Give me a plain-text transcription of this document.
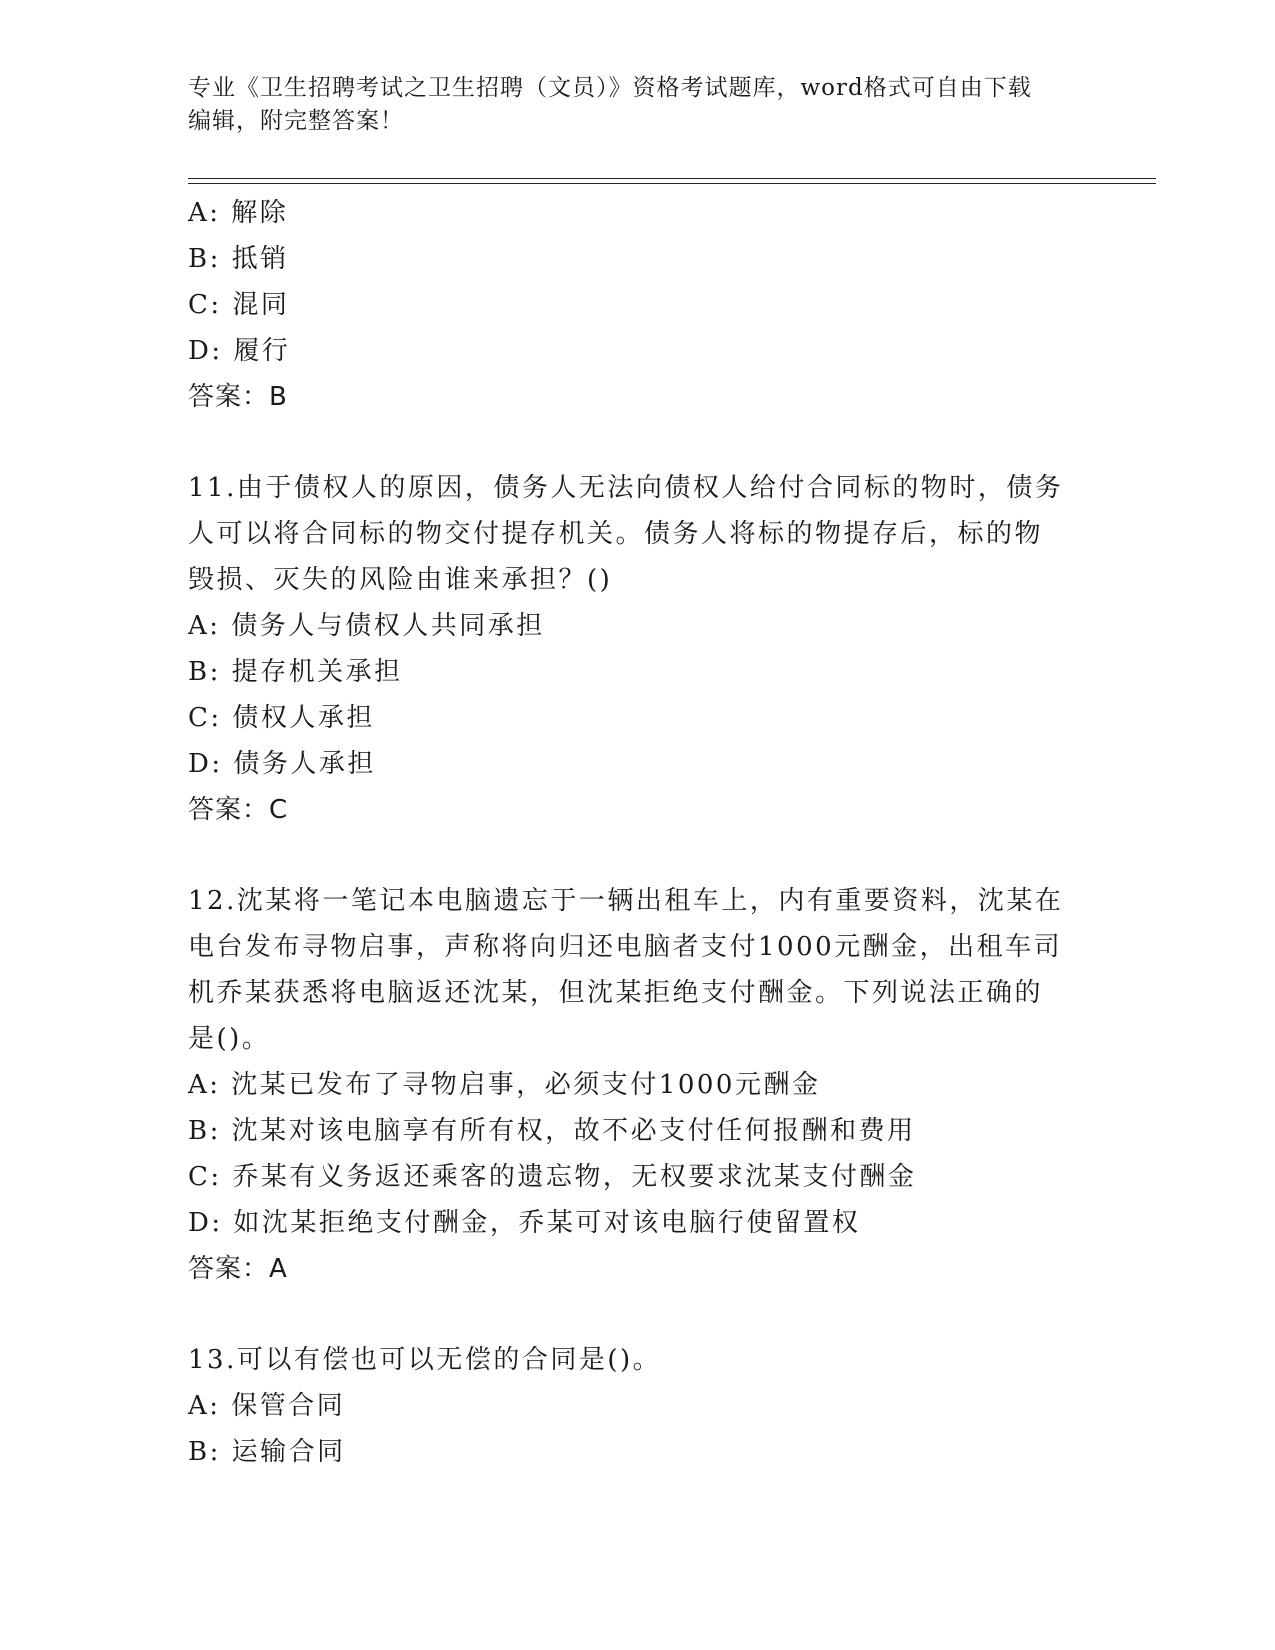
专业《卫生招聘考试之卫生招聘（文员）》资格考试题库，word格式可自由下载
编辑，附完整答案！
A: 解除
B: 抵销
C: 混同
D: 履行
答案：B
11.由于债权人的原因，债务人无法向债权人给付合同标的物时，债务
人可以将合同标的物交付提存机关。债务人将标的物提存后，标的物
毁损、灭失的风险由谁来承担？()
A: 债务人与债权人共同承担
B: 提存机关承担
C: 债权人承担
D: 债务人承担
答案：C
12.沈某将一笔记本电脑遗忘于一辆出租车上，内有重要资料，沈某在
电台发布寻物启事，声称将向归还电脑者支付1000元酬金，出租车司
机乔某获悉将电脑返还沈某，但沈某拒绝支付酬金。下列说法正确的
是()。
A: 沈某已发布了寻物启事，必须支付1000元酬金
B: 沈某对该电脑享有所有权，故不必支付任何报酬和费用
C: 乔某有义务返还乘客的遗忘物，无权要求沈某支付酬金
D: 如沈某拒绝支付酬金，乔某可对该电脑行使留置权
答案：A
13.可以有偿也可以无偿的合同是()。
A: 保管合同
B: 运输合同
